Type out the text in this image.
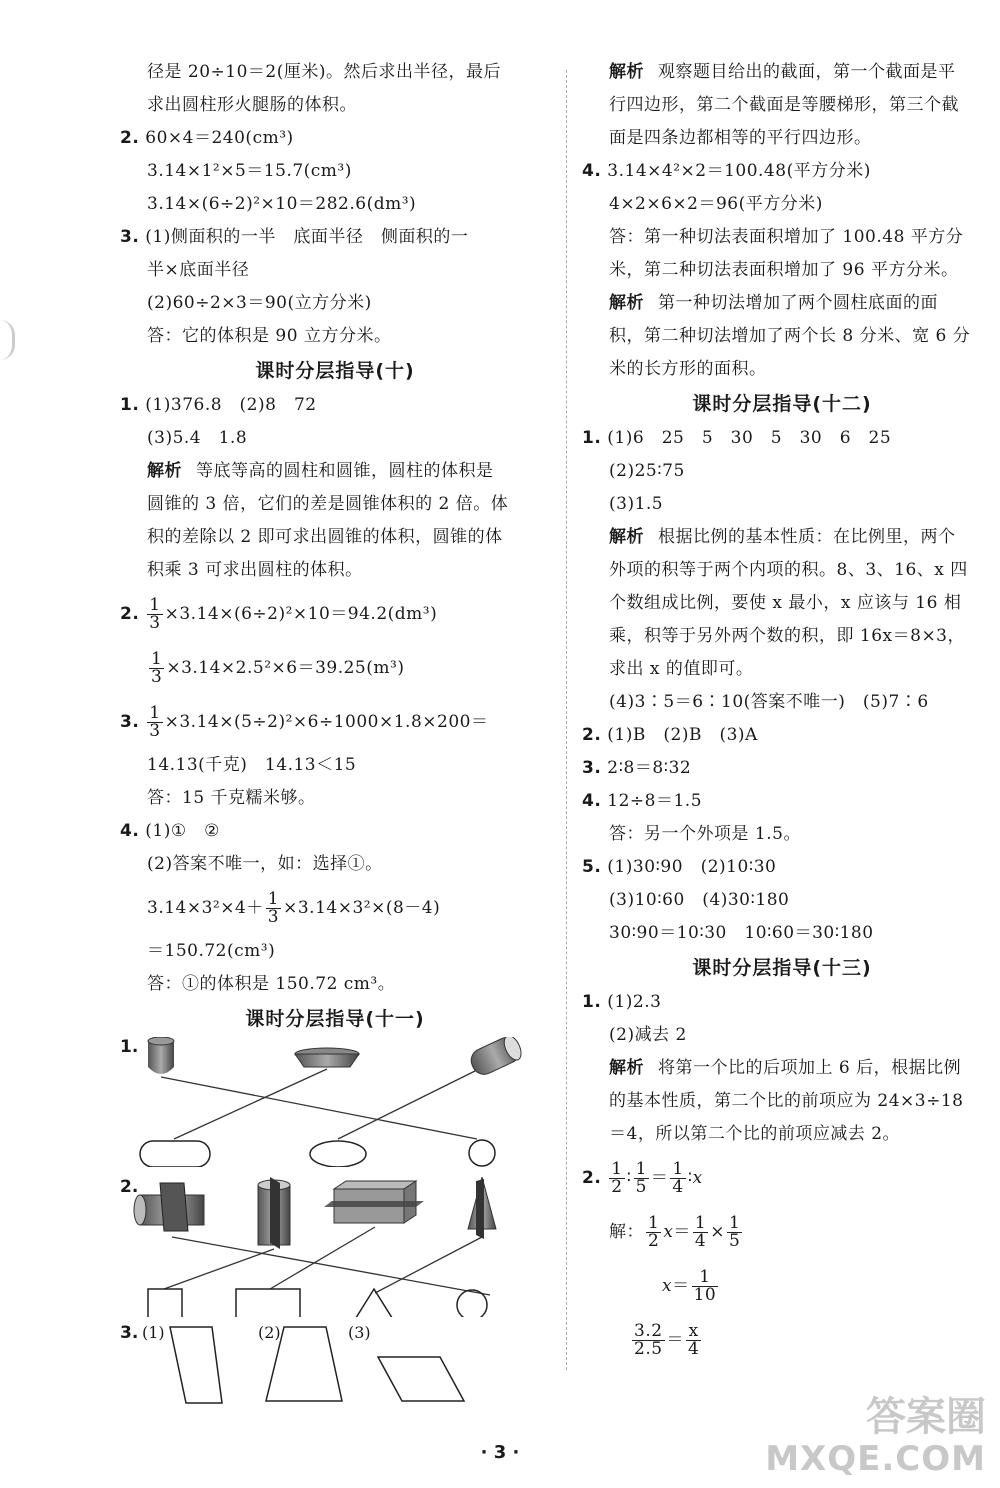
径是 20÷10＝2(厘米)。然后求出半径，最后
求出圆柱形火腿肠的体积。
2. 60×4＝240(cm³)
3.14×1²×5＝15.7(cm³)
3.14×(6÷2)²×10＝282.6(dm³)
3. (1)侧面积的一半　底面半径　侧面积的一
半×底面半径
(2)60÷2×3＝90(立方分米)
答：它的体积是 90 立方分米。
课时分层指导(十)
1. (1)376.8　(2)8　72
(3)5.4　1.8
解析 等底等高的圆柱和圆锥，圆柱的体积是
圆锥的 3 倍，它们的差是圆锥体积的 2 倍。体
积的差除以 2 即可求出圆锥的体积，圆锥的体
积乘 3 可求出圆柱的体积。
2. $\frac{1}{3} \times 3.14\times(6\div 2)^2\times 10=94.2(dm^3)$
$\frac{1}{3} \times 3.14\times 2.5^2\times 6=39.25(m^3)$
3. $\frac{1}{3} \times 3.14\times(5\div 2)^2\times 6\div 1000\times 1.8\times 200=$
14.13(千克)　14.13＜15
答：15 千克糯米够。
4. (1)①　②
(2)答案不唯一，如：选择①。
$3.14\times 3^2\times 4+ \frac{1}{3} \times 3.14\times 3^2\times(8-4)$
＝150.72(cm³)
答：①的体积是 150.72 cm³。
课时分层指导(十一)
1.
2.
3. (1)	(2)	(3)
解析 观察题目给出的截面，第一个截面是平
行四边形，第二个截面是等腰梯形，第三个截
面是四条边都相等的平行四边形。
4. 3.14×4²×2＝100.48(平方分米)
4×2×6×2＝96(平方分米)
答：第一种切法表面积增加了 100.48 平方分
米，第二种切法表面积增加了 96 平方分米。
解析 第一种切法增加了两个圆柱底面的面
积，第二种切法增加了两个长 8 分米、宽 6 分
米的长方形的面积。
课时分层指导(十二)
1. (1)6　25　5　30　5　30　6　25
(2)25∶75
(3)1.5
解析 根据比例的基本性质：在比例里，两个
外项的积等于两个内项的积。8、3、16、x 四
个数组成比例，要使 x 最小，x 应该与 16 相
乘，积等于另外两个数的积，即 16x＝8×3，
求出 x 的值即可。
(4)3∶5＝6∶10(答案不唯一)　(5)7∶6
2. (1)B　(2)B　(3)A
3. 2∶8＝8∶32
4. 12÷8＝1.5
答：另一个外项是 1.5。
5. (1)30∶90　(2)10∶30
(3)10∶60　(4)30∶180
30∶90＝10∶30　10∶60＝30∶180
课时分层指导(十三)
1. (1)2.3
(2)减去 2
解析 将第一个比的后项加上 6 后，根据比例
的基本性质，第二个比的前项应为 24×3÷18
＝4，所以第二个比的前项应减去 2。
2. $\frac{1}{2}$ ∶ $\frac{1}{5} = \frac{1}{4}$ ∶x
解： $\frac{1}{2} x= \frac{1}{4} \times \frac{1}{5}$
$x= \frac{1}{10}$
$\frac{3.2}{2.5} = \frac{x}{4}$
· 3 ·
答案圈
MXQE.COM
